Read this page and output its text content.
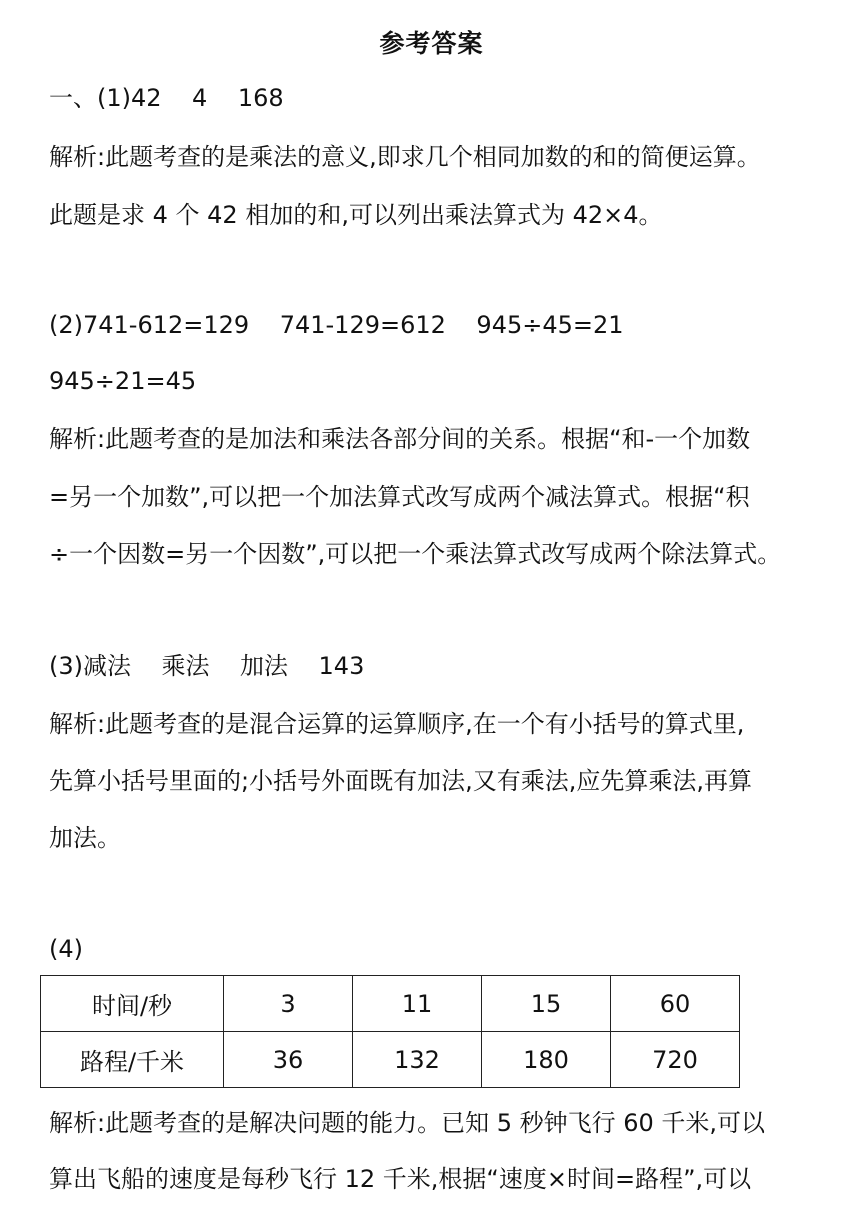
参考答案
一、(1)42    4    168
解析:此题考查的是乘法的意义,即求几个相同加数的和的简便运算。
此题是求 4 个 42 相加的和,可以列出乘法算式为 42×4。
(2)741-612=129    741-129=612    945÷45=21
945÷21=45
解析:此题考查的是加法和乘法各部分间的关系。根据“和-一个加数
=另一个加数”,可以把一个加法算式改写成两个减法算式。根据“积
÷一个因数=另一个因数”,可以把一个乘法算式改写成两个除法算式。
(3)减法    乘法    加法    143
解析:此题考查的是混合运算的运算顺序,在一个有小括号的算式里,
先算小括号里面的;小括号外面既有加法,又有乘法,应先算乘法,再算
加法。
(4)
时间/秒	3	11	15	60
路程/千米	36	132	180	720
解析:此题考查的是解决问题的能力。已知 5 秒钟飞行 60 千米,可以
算出飞船的速度是每秒飞行 12 千米,根据“速度×时间=路程”,可以
